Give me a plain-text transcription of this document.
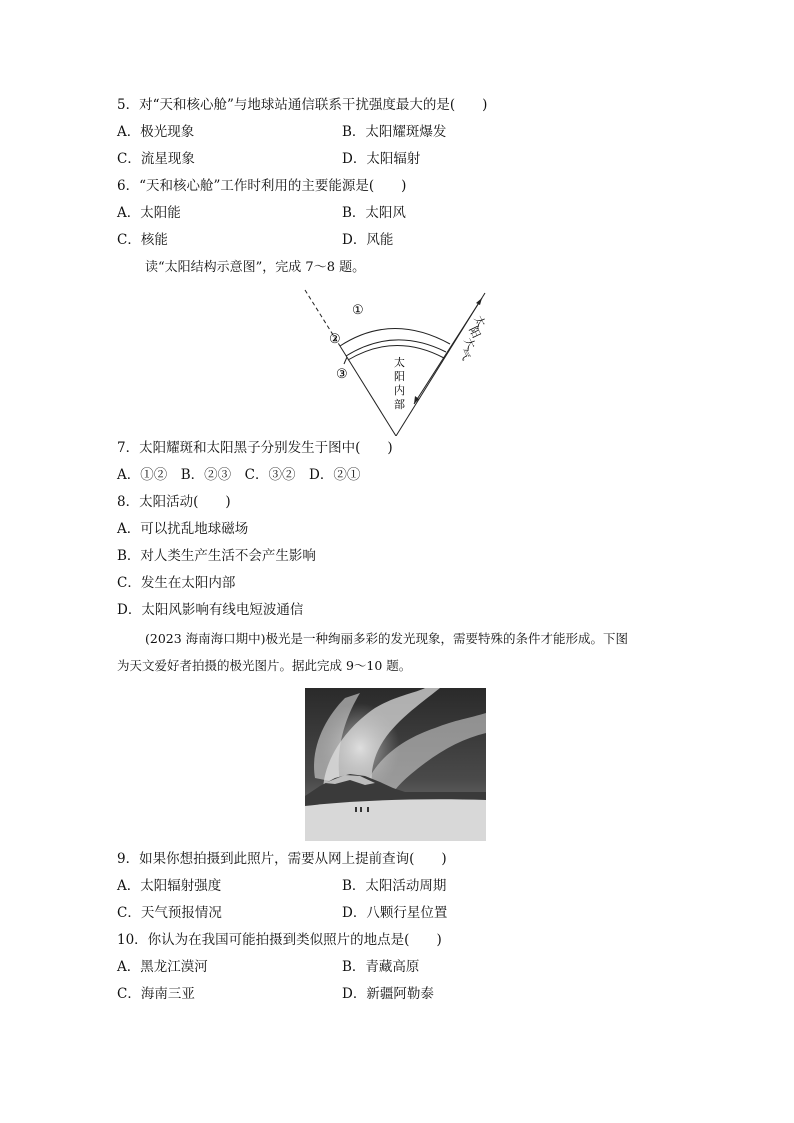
5．对“天和核心舱”与地球站通信联系干扰强度最大的是(　　)
A．极光现象	B．太阳耀斑爆发
C．流星现象	D．太阳辐射
6．“天和核心舱”工作时利用的主要能源是(　　)
A．太阳能	B．太阳风
C．核能	D．风能
读“太阳结构示意图”，完成 7～8 题。
①
②
③
太
阳
内
部
太
阳
大
气
7．太阳耀斑和太阳黑子分别发生于图中(　　)
A．①②　B．②③　C．③②　D．②①
8．太阳活动(　　)
A．可以扰乱地球磁场
B．对人类生产生活不会产生影响
C．发生在太阳内部
D．太阳风影响有线电短波通信
(2023 海南海口期中)极光是一种绚丽多彩的发光现象，需要特殊的条件才能形成。下图
为天文爱好者拍摄的极光图片。据此完成 9～10 题。
9．如果你想拍摄到此照片，需要从网上提前查询(　　)
A．太阳辐射强度	B．太阳活动周期
C．天气预报情况	D．八颗行星位置
10．你认为在我国可能拍摄到类似照片的地点是(　　)
A．黑龙江漠河	B．青藏高原
C．海南三亚	D．新疆阿勒泰
